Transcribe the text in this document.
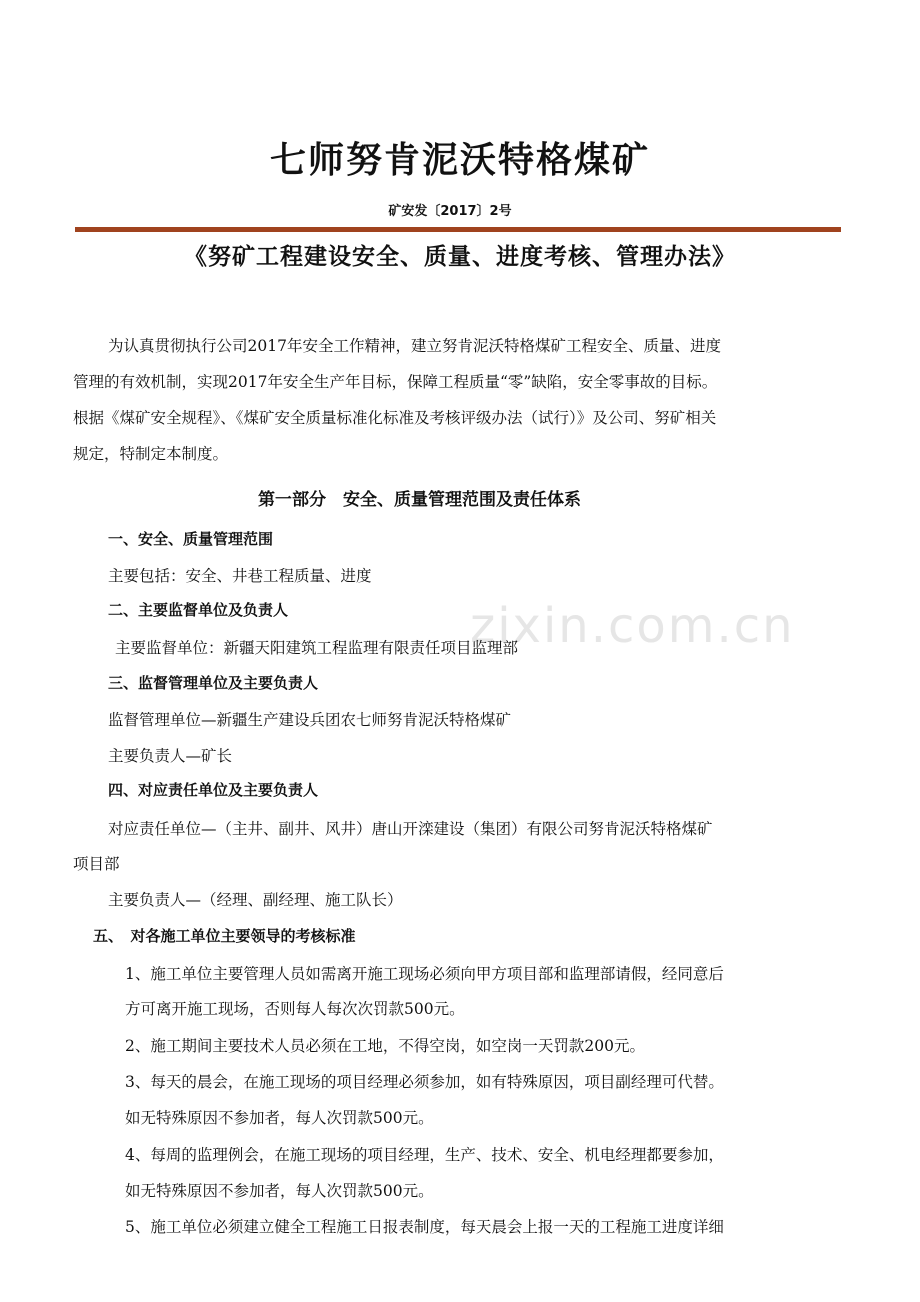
zixin.com.cn
七师努肯泥沃特格煤矿
矿安发〔2017〕2号
《努矿工程建设安全、质量、进度考核、管理办法》
为认真贯彻执行公司2017年安全工作精神，建立努肯泥沃特格煤矿工程安全、质量、进度
管理的有效机制，实现2017年安全生产年目标，保障工程质量“零”缺陷，安全零事故的目标。
根据《煤矿安全规程》、《煤矿安全质量标准化标准及考核评级办法（试行）》及公司、努矿相关
规定，特制定本制度。
第一部分　安全、质量管理范围及责任体系
一、安全、质量管理范围
主要包括：安全、井巷工程质量、进度
二、主要监督单位及负责人
主要监督单位：新疆天阳建筑工程监理有限责任项目监理部
三、监督管理单位及主要负责人
监督管理单位—新疆生产建设兵团农七师努肯泥沃特格煤矿
主要负责人—矿长
四、对应责任单位及主要负责人
对应责任单位—（主井、副井、风井）唐山开滦建设（集团）有限公司努肯泥沃特格煤矿
项目部
主要负责人—（经理、副经理、施工队长）
五、　对各施工单位主要领导的考核标准
1、施工单位主要管理人员如需离开施工现场必须向甲方项目部和监理部请假，经同意后
方可离开施工现场，否则每人每次次罚款500元。
2、施工期间主要技术人员必须在工地，不得空岗，如空岗一天罚款200元。
3、每天的晨会，在施工现场的项目经理必须参加，如有特殊原因，项目副经理可代替。
如无特殊原因不参加者，每人次罚款500元。
4、每周的监理例会，在施工现场的项目经理，生产、技术、安全、机电经理都要参加，
如无特殊原因不参加者，每人次罚款500元。
5、施工单位必须建立健全工程施工日报表制度，每天晨会上报一天的工程施工进度详细
